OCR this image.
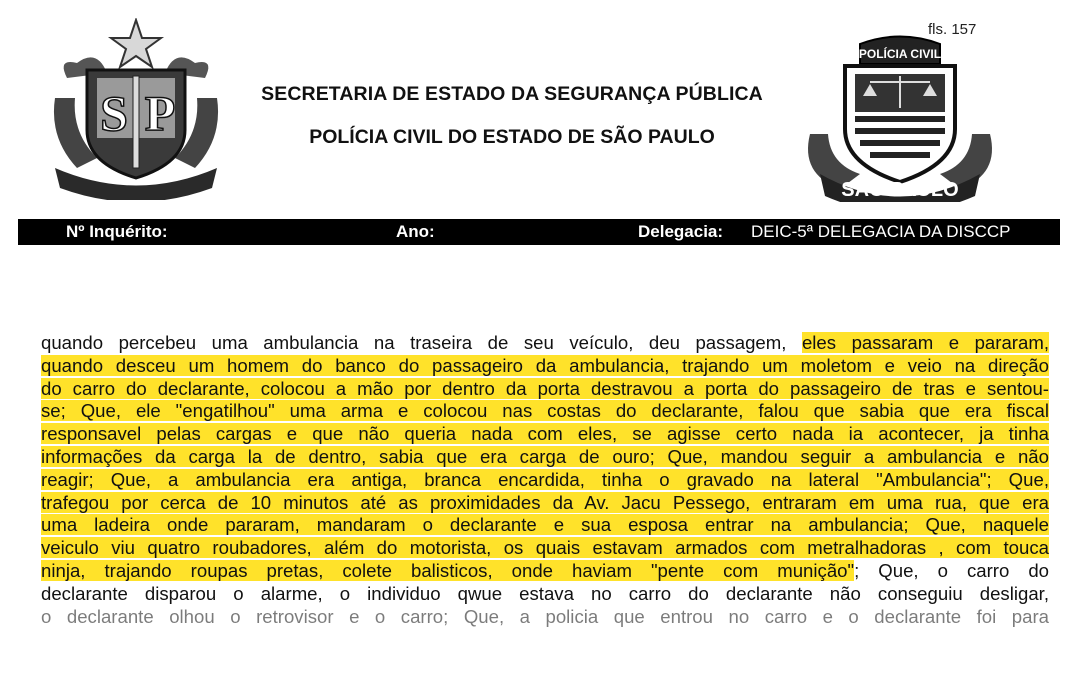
fls. 157
S P
POLÍCIA CIVIL
SÃO PAULO
SECRETARIA DE ESTADO DA SEGURANÇA PÚBLICA
POLÍCIA CIVIL DO ESTADO DE SÃO PAULO
Nº Inquérito:	Ano:	Delegacia: DEIC-5ª DELEGACIA DA DISCCP
quando percebeu uma ambulancia na traseira de seu veículo, deu passagem, eles passaram e pararam,
quando desceu um homem do banco do passageiro da ambulancia, trajando um moletom e veio na direção
do carro do declarante, colocou a mão por dentro da porta destravou a porta do passageiro de tras e sentou-
se; Que, ele "engatilhou" uma arma e colocou nas costas do declarante, falou que sabia que era fiscal
responsavel pelas cargas e que não queria nada com eles, se agisse certo nada ia acontecer, ja tinha
informações da carga la de dentro, sabia que era carga de ouro; Que, mandou seguir a ambulancia e não
reagir; Que, a ambulancia era antiga, branca encardida, tinha o gravado na lateral "Ambulancia"; Que,
trafegou por cerca de 10 minutos até as proximidades da Av. Jacu Pessego, entraram em uma rua, que era
uma ladeira onde pararam, mandaram o declarante e sua esposa entrar na ambulancia; Que, naquele
veiculo viu quatro roubadores, além do motorista, os quais estavam armados com metralhadoras , com touca
ninja, trajando roupas pretas, colete balisticos, onde haviam "pente com munição"; Que, o carro do
declarante disparou o alarme, o individuo qwue estava no carro do declarante não conseguiu desligar,
o declarante olhou o retrovisor e o carro; Que, a policia que entrou no carro e o declarante foi para
